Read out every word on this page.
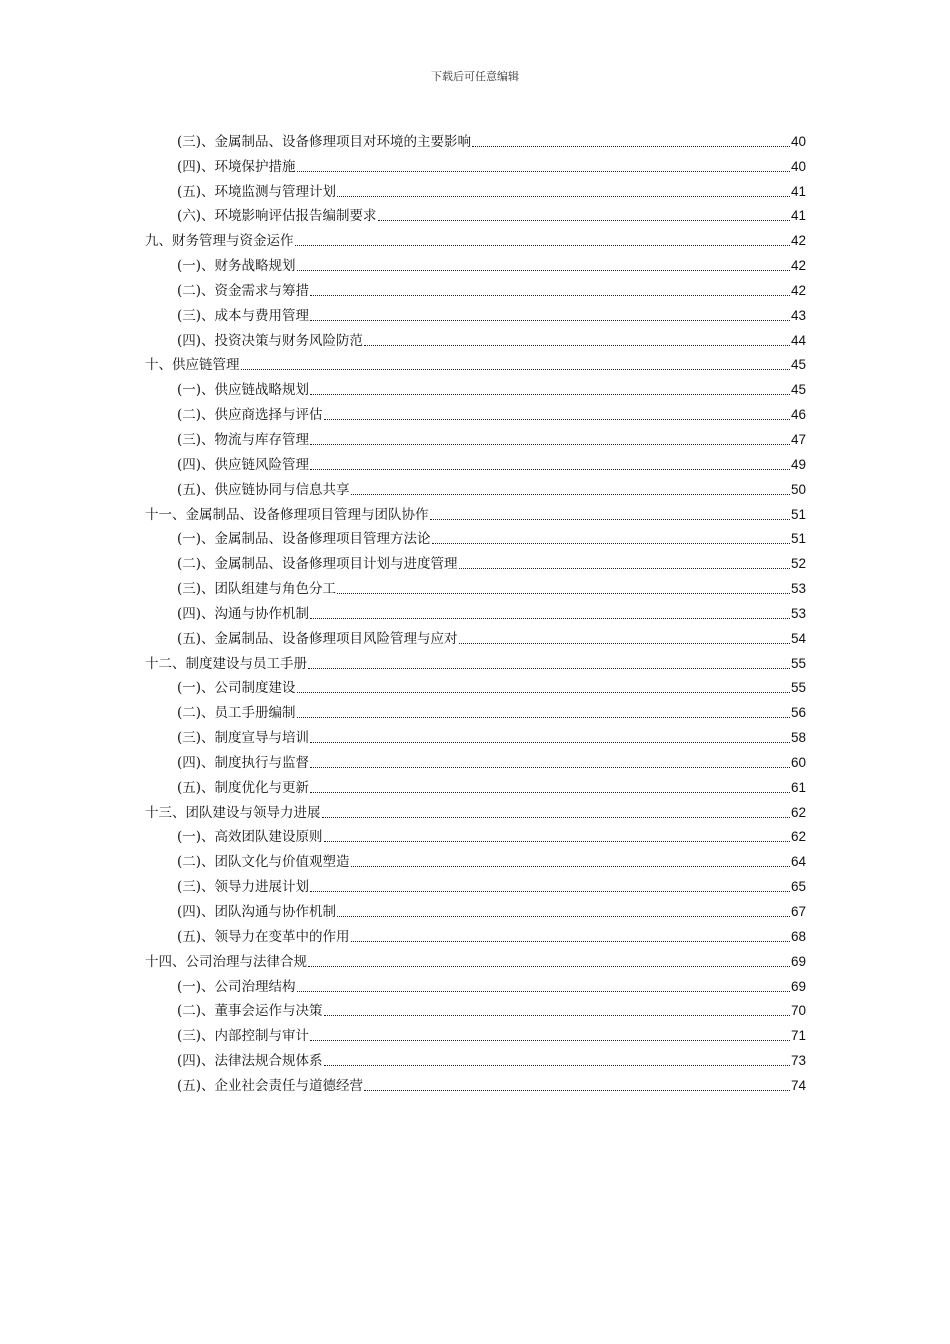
下载后可任意编辑
(三)、金属制品、设备修理项目对环境的主要影响	40
(四)、环境保护措施	40
(五)、环境监测与管理计划	41
(六)、环境影响评估报告编制要求	41
九、财务管理与资金运作	42
(一)、财务战略规划	42
(二)、资金需求与筹措	42
(三)、成本与费用管理	43
(四)、投资决策与财务风险防范	44
十、供应链管理	45
(一)、供应链战略规划	45
(二)、供应商选择与评估	46
(三)、物流与库存管理	47
(四)、供应链风险管理	49
(五)、供应链协同与信息共享	50
十一、金属制品、设备修理项目管理与团队协作	51
(一)、金属制品、设备修理项目管理方法论	51
(二)、金属制品、设备修理项目计划与进度管理	52
(三)、团队组建与角色分工	53
(四)、沟通与协作机制	53
(五)、金属制品、设备修理项目风险管理与应对	54
十二、制度建设与员工手册	55
(一)、公司制度建设	55
(二)、员工手册编制	56
(三)、制度宣导与培训	58
(四)、制度执行与监督	60
(五)、制度优化与更新	61
十三、团队建设与领导力进展	62
(一)、高效团队建设原则	62
(二)、团队文化与价值观塑造	64
(三)、领导力进展计划	65
(四)、团队沟通与协作机制	67
(五)、领导力在变革中的作用	68
十四、公司治理与法律合规	69
(一)、公司治理结构	69
(二)、董事会运作与决策	70
(三)、内部控制与审计	71
(四)、法律法规合规体系	73
(五)、企业社会责任与道德经营	74
